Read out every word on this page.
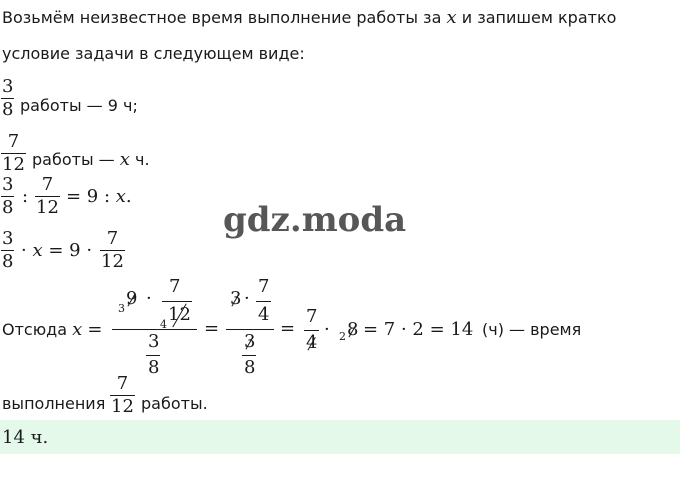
Возьмём неизвестное время выполнение работы за x и запишем кратко
условие задачи в следующем виде:
$\frac{3}{8}$ работы — 9 ч;
$\frac{7}{12}$ работы — x ч.
$\frac{3}{8}$ : $\frac{7}{12} = 9$ : x.
$\frac{3}{8} \cdot x = 9 \cdot \frac{7}{12}$
gdz.moda
Отсюда x =
3 9 ·
7
4 12
3
8
=
3 ·
7
4
3
8
=
7
4
· 2 8 = 7 · 2 = 14 (ч) — время
выполнения $\frac{7}{12}$ работы.
14 ч.
